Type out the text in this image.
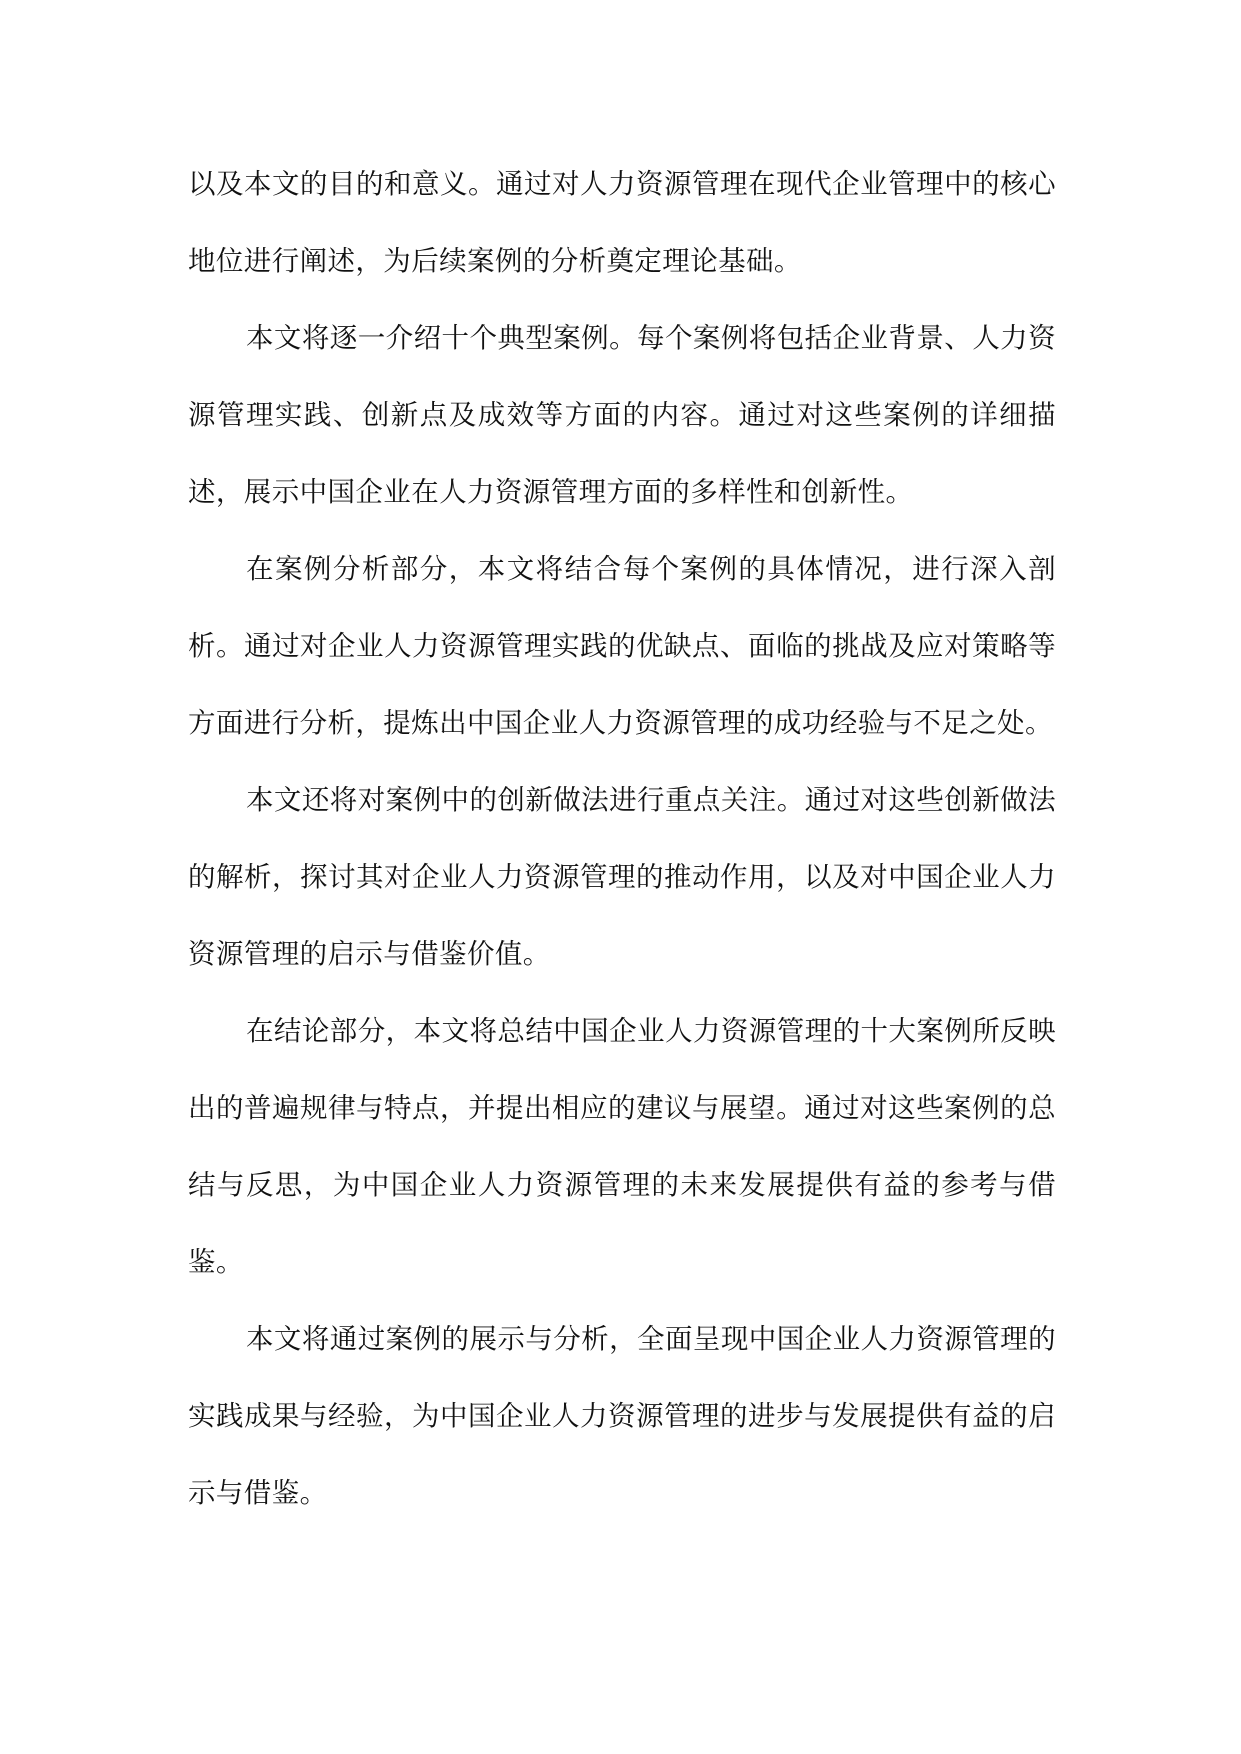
以及本文的目的和意义。通过对人力资源管理在现代企业管理中的核心地位进行阐述，为后续案例的分析奠定理论基础。

本文将逐一介绍十个典型案例。每个案例将包括企业背景、人力资源管理实践、创新点及成效等方面的内容。通过对这些案例的详细描述，展示中国企业在人力资源管理方面的多样性和创新性。

在案例分析部分，本文将结合每个案例的具体情况，进行深入剖析。通过对企业人力资源管理实践的优缺点、面临的挑战及应对策略等方面进行分析，提炼出中国企业人力资源管理的成功经验与不足之处。

本文还将对案例中的创新做法进行重点关注。通过对这些创新做法的解析，探讨其对企业人力资源管理的推动作用，以及对中国企业人力资源管理的启示与借鉴价值。

在结论部分，本文将总结中国企业人力资源管理的十大案例所反映出的普遍规律与特点，并提出相应的建议与展望。通过对这些案例的总结与反思，为中国企业人力资源管理的未来发展提供有益的参考与借鉴。

本文将通过案例的展示与分析，全面呈现中国企业人力资源管理的实践成果与经验，为中国企业人力资源管理的进步与发展提供有益的启示与借鉴。
